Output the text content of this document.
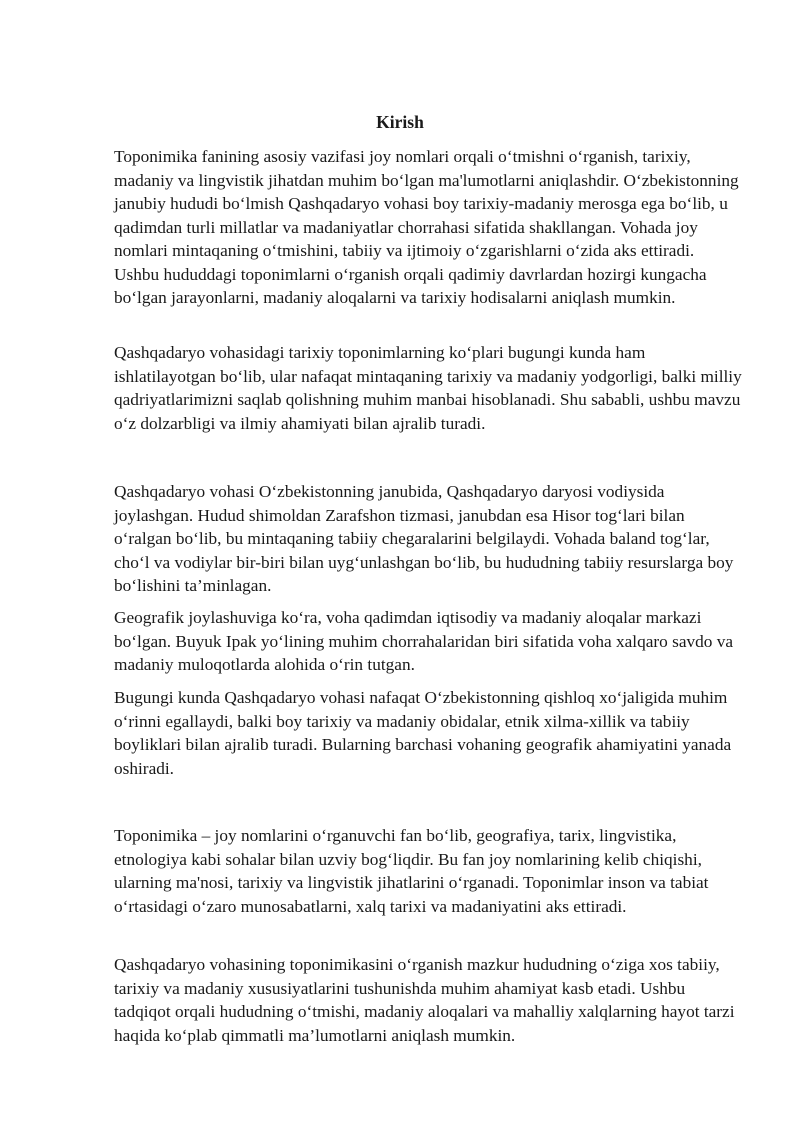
Kirish

Toponimika fanining asosiy vazifasi joy nomlari orqali o‘tmishni o‘rganish, tarixiy, madaniy va lingvistik jihatdan muhim bo‘lgan ma'lumotlarni aniqlashdir. O‘zbekistonning janubiy hududi bo‘lmish Qashqadaryo vohasi boy tarixiy-madaniy merosga ega bo‘lib, u qadimdan turli millatlar va madaniyatlar chorrahasi sifatida shakllangan. Vohada joy nomlari mintaqaning o‘tmishini, tabiiy va ijtimoiy o‘zgarishlarni o‘zida aks ettiradi. Ushbu hududdagi toponimlarni o‘rganish orqali qadimiy davrlardan hozirgi kungacha bo‘lgan jarayonlarni, madaniy aloqalarni va tarixiy hodisalarni aniqlash mumkin.

Qashqadaryo vohasidagi tarixiy toponimlarning ko‘plari bugungi kunda ham ishlatilayotgan bo‘lib, ular nafaqat mintaqaning tarixiy va madaniy yodgorligi, balki milliy qadriyatlarimizni saqlab qolishning muhim manbai hisoblanadi. Shu sababli, ushbu mavzu o‘z dolzarbligi va ilmiy ahamiyati bilan ajralib turadi.

Qashqadaryo vohasi O‘zbekistonning janubida, Qashqadaryo daryosi vodiysida joylashgan. Hudud shimoldan Zarafshon tizmasi, janubdan esa Hisor tog‘lari bilan o‘ralgan bo‘lib, bu mintaqaning tabiiy chegaralarini belgilaydi. Vohada baland tog‘lar, cho‘l va vodiylar bir-biri bilan uyg‘unlashgan bo‘lib, bu hududning tabiiy resurslarga boy bo‘lishini ta’minlagan.

Geografik joylashuviga ko‘ra, voha qadimdan iqtisodiy va madaniy aloqalar markazi bo‘lgan. Buyuk Ipak yo‘lining muhim chorrahalaridan biri sifatida voha xalqaro savdo va madaniy muloqotlarda alohida o‘rin tutgan.

Bugungi kunda Qashqadaryo vohasi nafaqat O‘zbekistonning qishloq xo‘jaligida muhim o‘rinni egallaydi, balki boy tarixiy va madaniy obidalar, etnik xilma-xillik va tabiiy boyliklari bilan ajralib turadi. Bularning barchasi vohaning geografik ahamiyatini yanada oshiradi.

Toponimika – joy nomlarini o‘rganuvchi fan bo‘lib, geografiya, tarix, lingvistika, etnologiya kabi sohalar bilan uzviy bog‘liqdir. Bu fan joy nomlarining kelib chiqishi, ularning ma'nosi, tarixiy va lingvistik jihatlarini o‘rganadi. Toponimlar inson va tabiat o‘rtasidagi o‘zaro munosabatlarni, xalq tarixi va madaniyatini aks ettiradi.

Qashqadaryo vohasining toponimikasini o‘rganish mazkur hududning o‘ziga xos tabiiy, tarixiy va madaniy xususiyatlarini tushunishda muhim ahamiyat kasb etadi. Ushbu tadqiqot orqali hududning o‘tmishi, madaniy aloqalari va mahalliy xalqlarning hayot tarzi haqida ko‘plab qimmatli ma’lumotlarni aniqlash mumkin.
